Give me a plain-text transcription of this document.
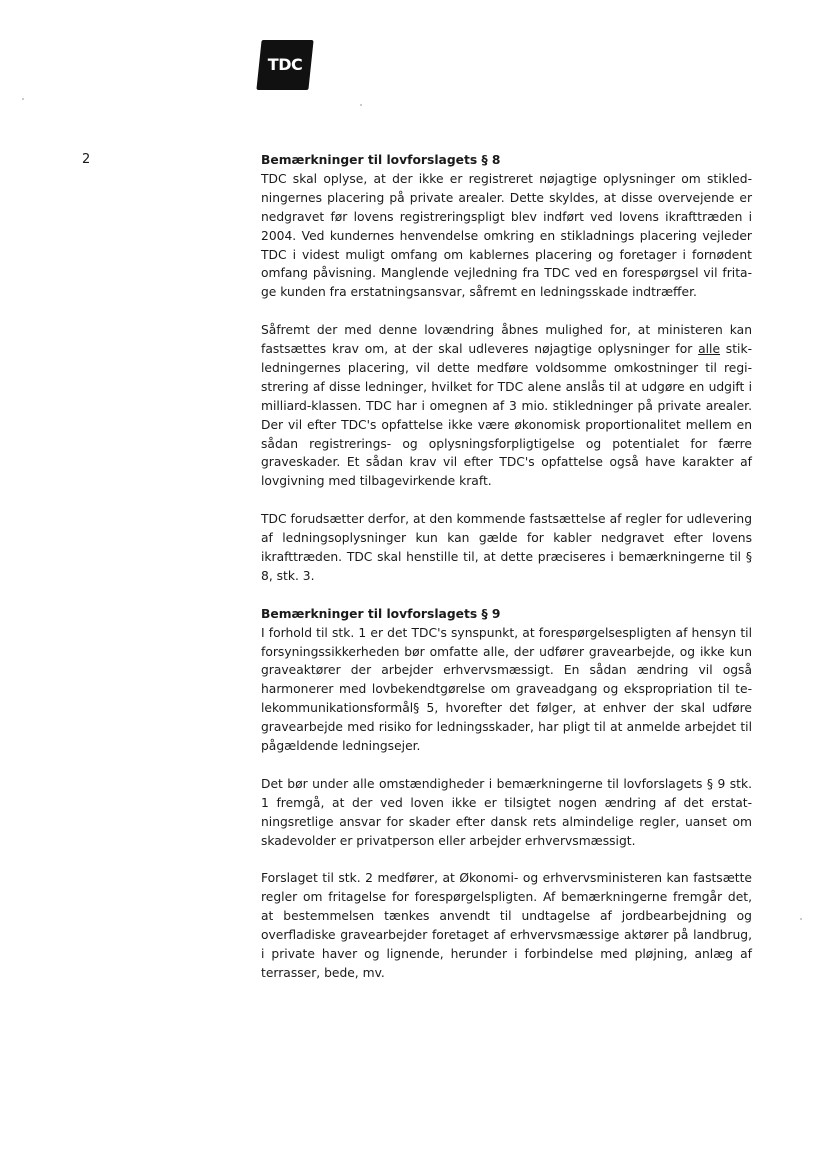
TDC
2	Bemærkninger til lovforslagets § 8

TDC skal oplyse, at der ikke er registreret nøjagtige oplysninger om stikledningernes placering på private arealer. Dette skyldes, at disse overvejende er nedgravet før lovens registreringspligt blev indført ved lovens ikrafttræden i 2004. Ved kundernes henvendelse omkring en stikladnings placering vejleder TDC i videst muligt omfang om kablernes placering og foretager i fornødent omfang påvisning. Manglende vejledning fra TDC ved en forespørgsel vil fritage kunden fra erstatningsansvar, såfremt en ledningsskade indtræffer.

Såfremt der med denne lovændring åbnes mulighed for, at ministeren kan fastsættes krav om, at der skal udleveres nøjagtige oplysninger for alle stikledningernes placering, vil dette medføre voldsomme omkostninger til registrering af disse ledninger, hvilket for TDC alene anslås til at udgøre en udgift i milliard-klassen. TDC har i omegnen af 3 mio. stikledninger på private arealer. Der vil efter TDC's opfattelse ikke være økonomisk proportionalitet mellem en sådan registrerings- og oplysningsforpligtigelse og potentialet for færre graveskader. Et sådan krav vil efter TDC's opfattelse også have karakter af lovgivning med tilbagevirkende kraft.

TDC forudsætter derfor, at den kommende fastsættelse af regler for udlevering af ledningsoplysninger kun kan gælde for kabler nedgravet efter lovens ikrafttræden. TDC skal henstille til, at dette præciseres i bemærkningerne til § 8, stk. 3.

Bemærkninger til lovforslagets § 9

I forhold til stk. 1 er det TDC's synspunkt, at forespørgelsespligten af hensyn til forsyningssikkerheden bør omfatte alle, der udfører gravearbejde, og ikke kun graveaktører der arbejder erhvervsmæssigt. En sådan ændring vil også harmonerer med lovbekendtgørelse om graveadgang og ekspropriation til telekommunikationsformål§ 5, hvorefter det følger, at enhver der skal udføre gravearbejde med risiko for ledningsskader, har pligt til at anmelde arbejdet til pågældende ledningsejer.

Det bør under alle omstændigheder i bemærkningerne til lovforslagets § 9 stk. 1 fremgå, at der ved loven ikke er tilsigtet nogen ændring af det erstatningsretlige ansvar for skader efter dansk rets almindelige regler, uanset om skadevolder er privatperson eller arbejder erhvervsmæssigt.

Forslaget til stk. 2 medfører, at Økonomi- og erhvervsministeren kan fastsætte regler om fritagelse for forespørgelspligten. Af bemærkningerne fremgår det, at bestemmelsen tænkes anvendt til undtagelse af jordbearbejdning og overfladiske gravearbejder foretaget af erhvervsmæssige aktører på landbrug, i private haver og lignende, herunder i forbindelse med pløjning, anlæg af terrasser, bede, mv.
